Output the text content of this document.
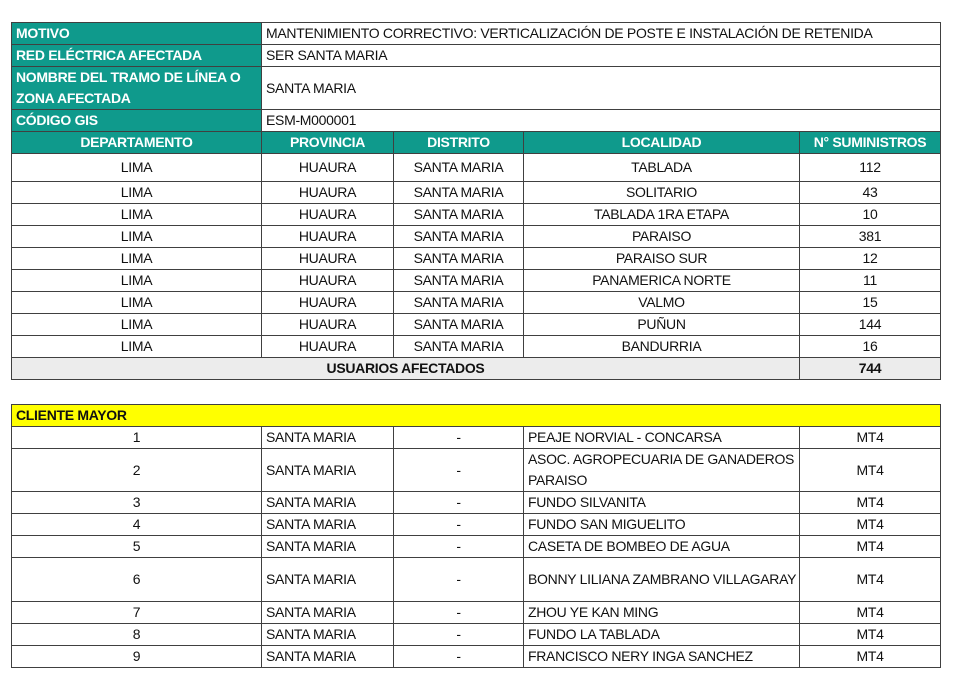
MOTIVO	MANTENIMIENTO CORRECTIVO: VERTICALIZACIÓN DE POSTE E INSTALACIÓN DE RETENIDA			
RED ELÉCTRICA AFECTADA	SER SANTA MARIA			
NOMBRE DEL TRAMO DE LÍNEA O ZONA AFECTADA	SANTA MARIA			
CÓDIGO GIS	ESM-M000001			
DEPARTAMENTO	PROVINCIA	DISTRITO	LOCALIDAD	N° SUMINISTROS
LIMA	HUAURA	SANTA MARIA	TABLADA	112
LIMA	HUAURA	SANTA MARIA	SOLITARIO	43
LIMA	HUAURA	SANTA MARIA	TABLADA 1RA ETAPA	10
LIMA	HUAURA	SANTA MARIA	PARAISO	381
LIMA	HUAURA	SANTA MARIA	PARAISO SUR	12
LIMA	HUAURA	SANTA MARIA	PANAMERICA NORTE	11
LIMA	HUAURA	SANTA MARIA	VALMO	15
LIMA	HUAURA	SANTA MARIA	PUÑUN	144
LIMA	HUAURA	SANTA MARIA	BANDURRIA	16
USUARIOS AFECTADOS				744
CLIENTE MAYOR				
1	SANTA MARIA	-	PEAJE NORVIAL - CONCARSA	MT4
2	SANTA MARIA	-	ASOC. AGROPECUARIA DE GANADEROS PARAISO	MT4
3	SANTA MARIA	-	FUNDO SILVANITA	MT4
4	SANTA MARIA	-	FUNDO SAN MIGUELITO	MT4
5	SANTA MARIA	-	CASETA DE BOMBEO DE AGUA	MT4
6	SANTA MARIA	-	BONNY LILIANA ZAMBRANO VILLAGARAY	MT4
7	SANTA MARIA	-	ZHOU YE KAN MING	MT4
8	SANTA MARIA	-	FUNDO LA TABLADA	MT4
9	SANTA MARIA	-	FRANCISCO NERY INGA SANCHEZ	MT4
